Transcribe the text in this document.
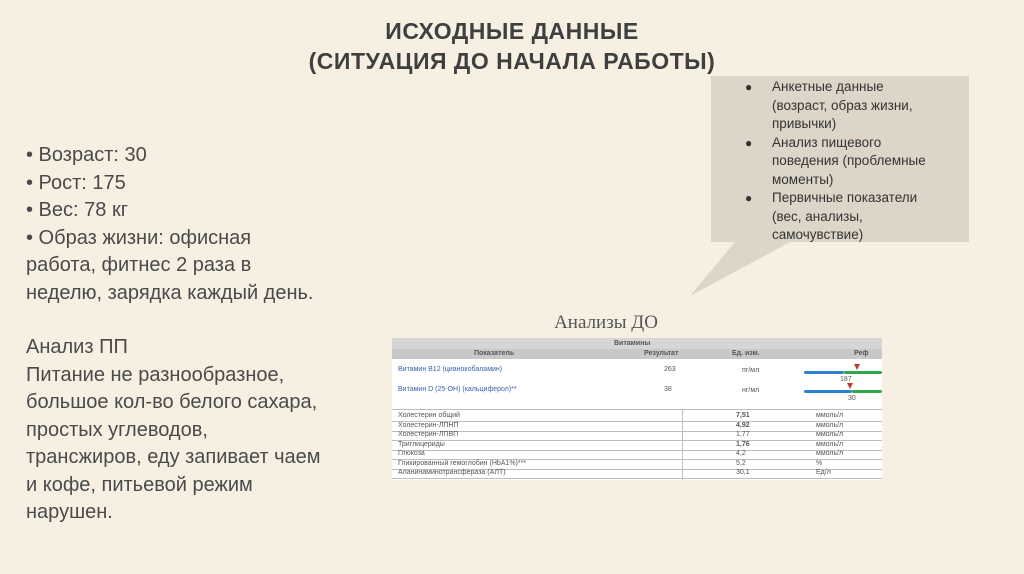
ИСХОДНЫЕ ДАННЫЕ
(СИТУАЦИЯ ДО НАЧАЛА РАБОТЫ)
• Возраст: 30
• Рост: 175
• Вес: 78 кг
• Образ жизни: офисная
работа, фитнес 2 раза в
неделю, зарядка каждый день.
Анализ ПП
Питание не разнообразное,
большое кол-во белого сахара,
простых углеводов,
трансжиров, еду запивает чаем
и кофе, питьевой режим
нарушен.
● Анкетные данные
(возраст, образ жизни,
привычки)
● Анализ пищевого
поведения (проблемные
моменты)
● Первичные показатели
(вес, анализы,
самочувствие)
Анализы ДО
Витамины
Показатель	Результат	Ед. изм.	Реф
Витамин В12 (цианокобаламин)	263	пг/мл
187
Витамин D (25-OH) (кальциферол)**	38	нг/мл
30
Холестерин общий	7,51	ммоль/л
Холестерин-ЛПНП	4,92	ммоль/л
Холестерин-ЛПВП	1,77	ммоль/л
Триглицериды	1,76	ммоль/л
Глюкоза	4,2	ммоль/л
Гликированный гемоглобин (HbA1%)***	5,2	%
Аланинаминотрансфераза (АЛТ)	30,1	Ед/л
